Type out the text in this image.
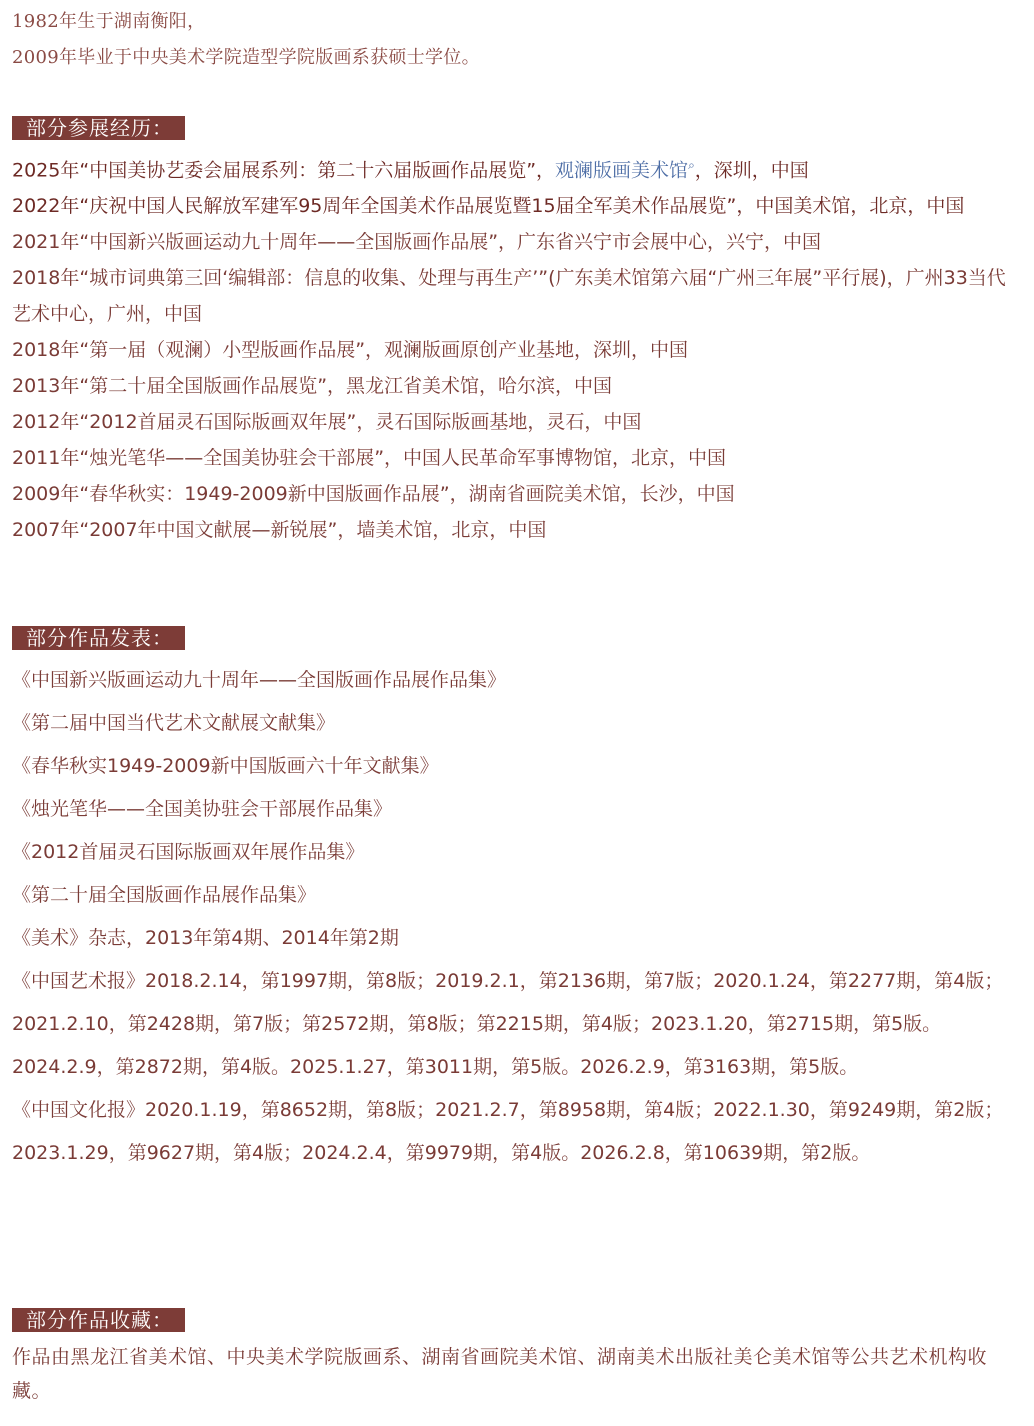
1982年生于湖南衡阳，

2009年毕业于中央美术学院造型学院版画系获硕士学位。

部分参展经历：

2025年“中国美协艺委会届展系列：第二十六届版画作品展览”，观澜版画美术馆⌕，深圳，中国

2022年“庆祝中国人民解放军建军95周年全国美术作品展览暨15届全军美术作品展览”，中国美术馆，北京，中国

2021年“中国新兴版画运动九十周年——全国版画作品展”，广东省兴宁市会展中心，兴宁，中国

2018年“城市词典第三回‘编辑部：信息的收集、处理与再生产’”(广东美术馆第六届“广州三年展”平行展)，广州33当代艺术中心，广州，中国

2018年“第一届（观澜）小型版画作品展”，观澜版画原创产业基地，深圳，中国

2013年“第二十届全国版画作品展览”，黑龙江省美术馆，哈尔滨，中国

2012年“2012首届灵石国际版画双年展”，灵石国际版画基地，灵石，中国

2011年“烛光笔华——全国美协驻会干部展”，中国人民革命军事博物馆，北京，中国

2009年“春华秋实：1949-2009新中国版画作品展”，湖南省画院美术馆，长沙，中国

2007年“2007年中国文献展—新锐展”，墙美术馆，北京，中国

部分作品发表：

《中国新兴版画运动九十周年——全国版画作品展作品集》

《第二届中国当代艺术文献展文献集》

《春华秋实1949-2009新中国版画六十年文献集》

《烛光笔华——全国美协驻会干部展作品集》

《2012首届灵石国际版画双年展作品集》

《第二十届全国版画作品展作品集》

《美术》杂志，2013年第4期、2014年第2期

《中国艺术报》2018.2.14，第1997期，第8版；2019.2.1，第2136期，第7版；2020.1.24，第2277期，第4版；2021.2.10，第2428期，第7版；第2572期，第8版；第2215期，第4版；2023.1.20，第2715期，第5版。2024.2.9，第2872期，第4版。2025.1.27，第3011期，第5版。2026.2.9，第3163期，第5版。

《中国文化报》2020.1.19，第8652期，第8版；2021.2.7，第8958期，第4版；2022.1.30，第9249期，第2版；2023.1.29，第9627期，第4版；2024.2.4，第9979期，第4版。2026.2.8，第10639期，第2版。

部分作品收藏：

作品由黑龙江省美术馆、中央美术学院版画系、湖南省画院美术馆、湖南美术出版社美仑美术馆等公共艺术机构收藏。
